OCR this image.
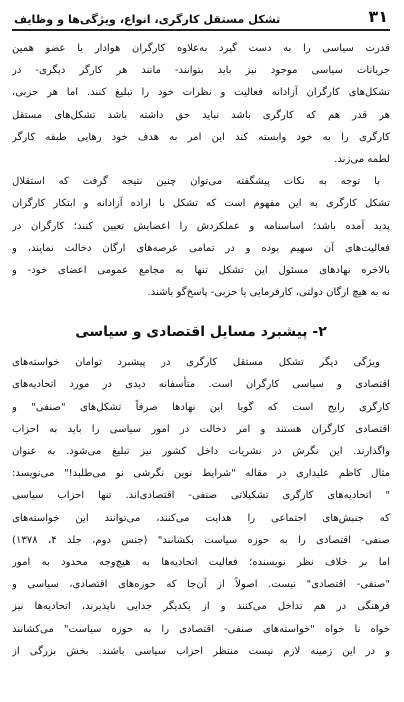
۳۱
تشکل مستقل کارگری، انواع، ویژگی‌ها و وظایف
قدرت سیاسی را به دست گیرد به‌علاوه کارگران هوادار یا عضو همین
جریانات سیاسی موجود نیز باید بتوانند- مانند هر کارگر دیگری- در
تشکل‌های کارگران آزادانه فعالیت و نظرات خود را تبلیغ کنند. اما هر حزبی،
هر قدر هم که کارگری باشد نباید حق داشته باشد تشکل‌های مستقل
کارگری را به خود وابسته کند این امر به هدف خود رهایی طبقه کارگر
لطمه می‌زند.
با توجه به نکات پیشگفته می‌توان چنین نتیجه گرفت که استقلال
تشکل کارگری به این مفهوم است که تشکل با اراده آزادانه و ابتکار کارگران
پدید آمده باشد؛ اساسنامه و عملکردش را اعضایش تعیین کنند؛ کارگران در
فعالیت‌های آن سهیم بوده و در تمامی عرصه‌های ارگان دخالت نمایند، و
بالاخره نهادهای مسئول این تشکل تنها به مجامع عمومی اعضای خود- و
نه به هیچ ارگان دولتی، کارفرمایی یا حزبی- پاسخ‌گو باشند.
۲- پیشبرد مسایل اقتصادی و سیاسی
ویژگی دیگر تشکل مستقل کارگری در پیشبرد توامان خواسته‌های
اقتصادی و سیاسی کارگران است. متأسفانه دیدی در مورد اتحادیه‌های
کارگری رایج است که گویا این نهادها صرفاً تشکل‌های "صنفی" و
اقتصادی کارگران هستند و امر دخالت در امور سیاسی را باید به احزاب
واگذارند. این نگرش در نشریات داخل کشور نیز تبلیغ می‌شود. به عنوان
مثال کاظم علیداری در مقاله "شرایط نوین نگرشی نو می‌طلبد!" می‌نویسد:
" اتحادیه‌های کارگری تشکیلاتی صنفی- اقتصادی‌اند. تنها احزاب سیاسی
که جنبش‌های اجتماعی را هدایت می‌کنند، می‌توانند این خواسته‌های
صنفی- اقتصادی را به حوزه سیاست بکشانند" (جنس دوم، جلد ۴، ۱۳۷۸)
اما بر خلاف نظر نویسنده؛ فعالیت اتحادیه‌ها به هیچ‌وجه محدود به امور
"صنفی- اقتصادی" نیست. اصولاً از آن‌جا که حوزه‌های اقتصادی، سیاسی و
فرهنگی در هم تداخل می‌کنند و از یکدیگر جدایی ناپذیرند، اتحادیه‌ها نیز
خواه نا خواه "خواسته‌های صنفی- اقتصادی را به حوزه سیاست" می‌کشانند
و در این زمینه لازم نیست منتظر احزاب سیاسی باشند. بخش بزرگی از
